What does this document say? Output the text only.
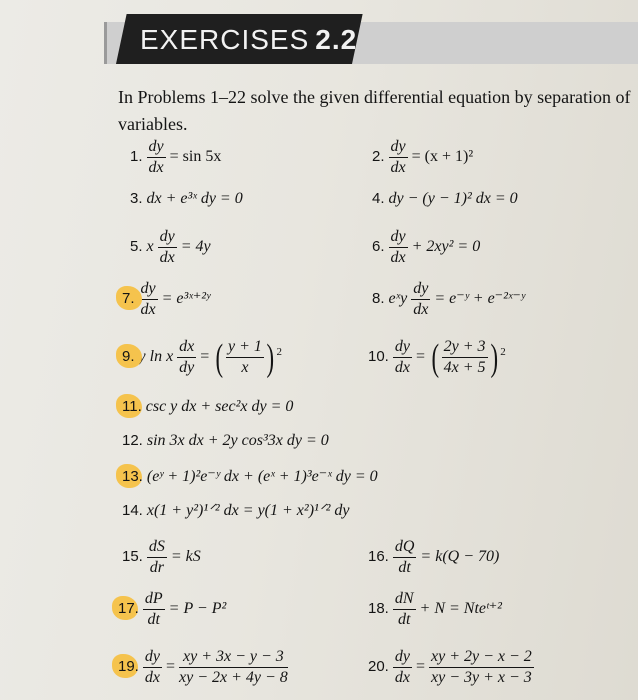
EXERCISES 2.2
In Problems 1–22 solve the given differential equation by separation of variables.
1. $\frac{dy}{dx} = \sin 5x$	2. $\frac{dy}{dx} = (x + 1)^2$
3. dx + e³ˣ dy = 0	4. dy − (y − 1)² dx = 0
5. x $\frac{dy}{dx} = 4y$	6. $\frac{dy}{dx} + 2xy^2 = 0$
7. $\frac{dy}{dx}$ = e³ˣ⁺²ʸ	8. eˣy $\frac{dy}{dx}$ = e⁻ʸ + e⁻²ˣ⁻ʸ
9. y ln x $\frac{dx}{dy}$ = ( $\frac{y + 1}{x}$ ) $^2$	10. $\frac{dy}{dx}$ = ( $\frac{2y + 3}{4x + 5}$ ) $^2$
11. csc y dx + sec²x dy = 0
12. sin 3x dx + 2y cos³3x dy = 0
13. (eʸ + 1)²e⁻ʸ dx + (eˣ + 1)³e⁻ˣ dy = 0
14. x(1 + y²)¹ᐟ² dx = y(1 + x²)¹ᐟ² dy
15. $\frac{dS}{dr}$ = kS	16. $\frac{dQ}{dt} = k(Q - 70)$
17. $\frac{dP}{dt} = P - P^2$	18. $\frac{dN}{dt} + N$ = Nteᵗ⁺²
19. $\frac{dy}{dx} = \frac{xy + 3x - y - 3}{xy - 2x + 4y - 8}$	20. $\frac{dy}{dx} = \frac{xy + 2y - x - 2}{xy - 3y + x - 3}$
